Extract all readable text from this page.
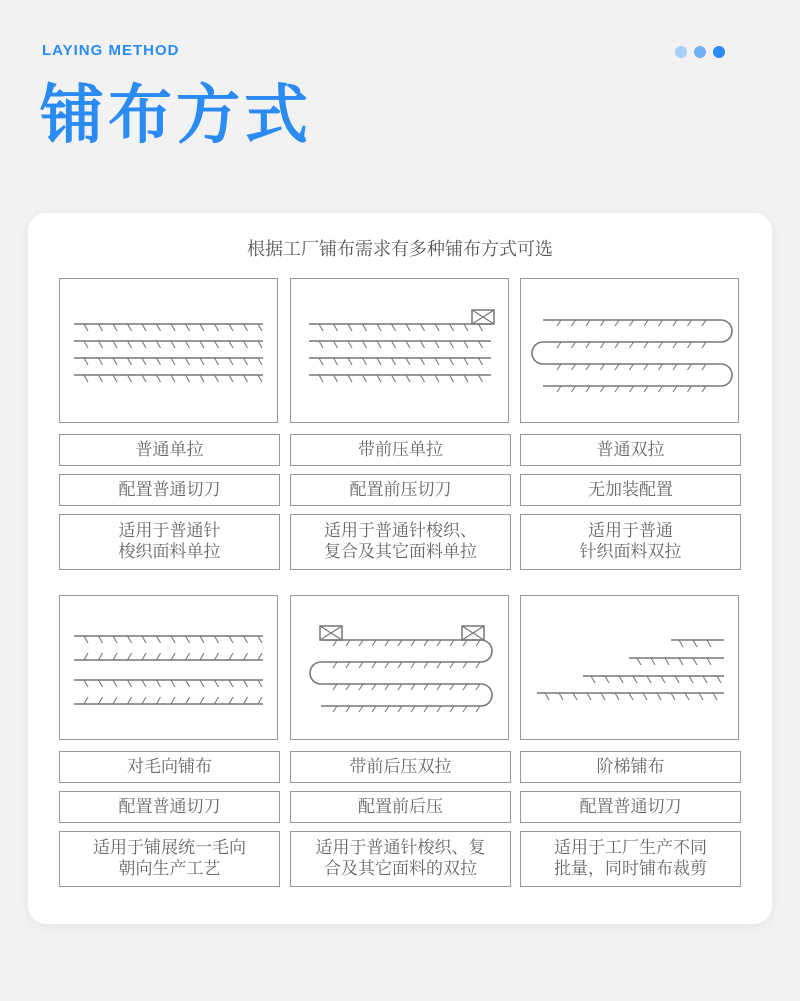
LAYING METHOD
铺布方式
根据工厂铺布需求有多种铺布方式可选
普通单拉
配置普通切刀
适用于普通针
梭织面料单拉
带前压单拉
配置前压切刀
适用于普通针梭织、
复合及其它面料单拉
普通双拉
无加装配置
适用于普通
针织面料双拉
对毛向铺布
配置普通切刀
适用于铺展统一毛向
朝向生产工艺
带前后压双拉
配置前后压
适用于普通针梭织、复
合及其它面料的双拉
阶梯铺布
配置普通切刀
适用于工厂生产不同
批量，同时铺布裁剪
